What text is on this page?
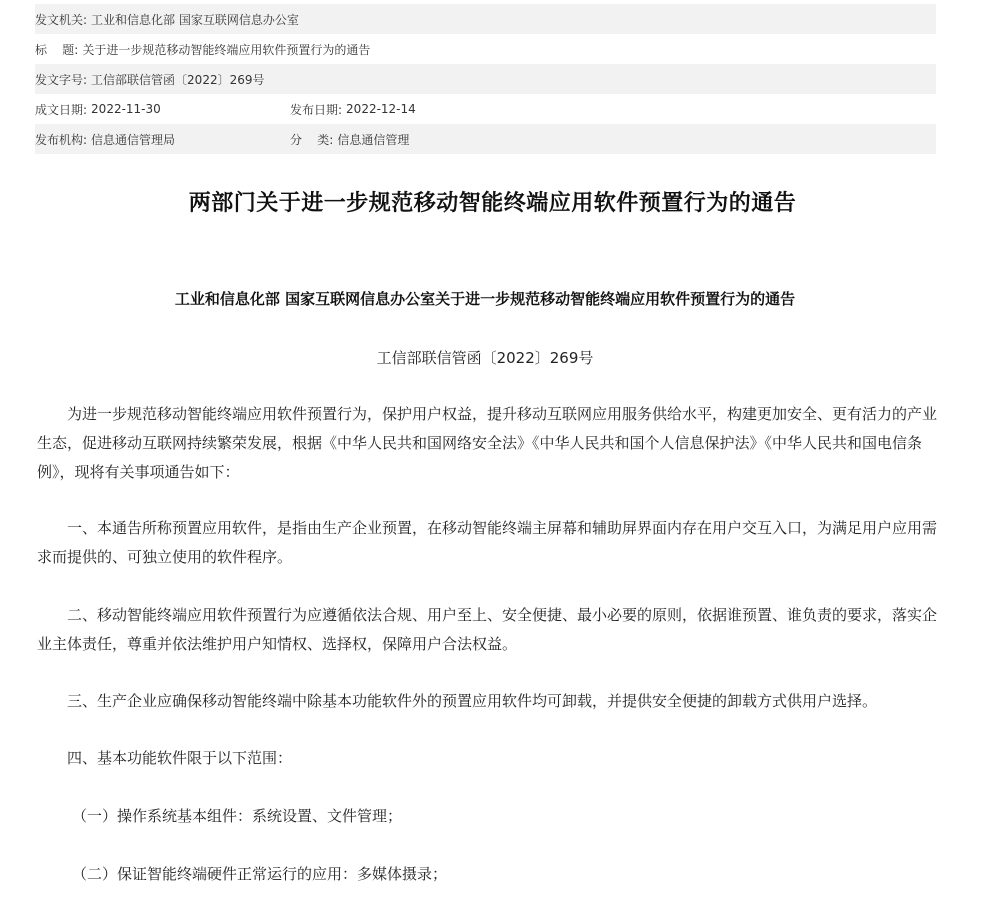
发文机关: 工业和信息化部 国家互联网信息办公室
标    题: 关于进一步规范移动智能终端应用软件预置行为的通告
发文字号: 工信部联信管函〔2022〕269号
成文日期: 2022-11-30	发布日期: 2022-12-14
发布机构: 信息通信管理局	分    类: 信息通信管理
两部门关于进一步规范移动智能终端应用软件预置行为的通告
工业和信息化部 国家互联网信息办公室关于进一步规范移动智能终端应用软件预置行为的通告
工信部联信管函〔2022〕269号

为进一步规范移动智能终端应用软件预置行为，保护用户权益，提升移动互联网应用服务供给水平，构建更加安全、更有活力的产业生态，促进移动互联网持续繁荣发展，根据《中华人民共和国网络安全法》《中华人民共和国个人信息保护法》《中华人民共和国电信条例》，现将有关事项通告如下：

一、本通告所称预置应用软件，是指由生产企业预置，在移动智能终端主屏幕和辅助屏界面内存在用户交互入口，为满足用户应用需求而提供的、可独立使用的软件程序。

二、移动智能终端应用软件预置行为应遵循依法合规、用户至上、安全便捷、最小必要的原则，依据谁预置、谁负责的要求，落实企业主体责任，尊重并依法维护用户知情权、选择权，保障用户合法权益。

三、生产企业应确保移动智能终端中除基本功能软件外的预置应用软件均可卸载，并提供安全便捷的卸载方式供用户选择。

四、基本功能软件限于以下范围：

（一）操作系统基本组件：系统设置、文件管理；

（二）保证智能终端硬件正常运行的应用：多媒体摄录；
